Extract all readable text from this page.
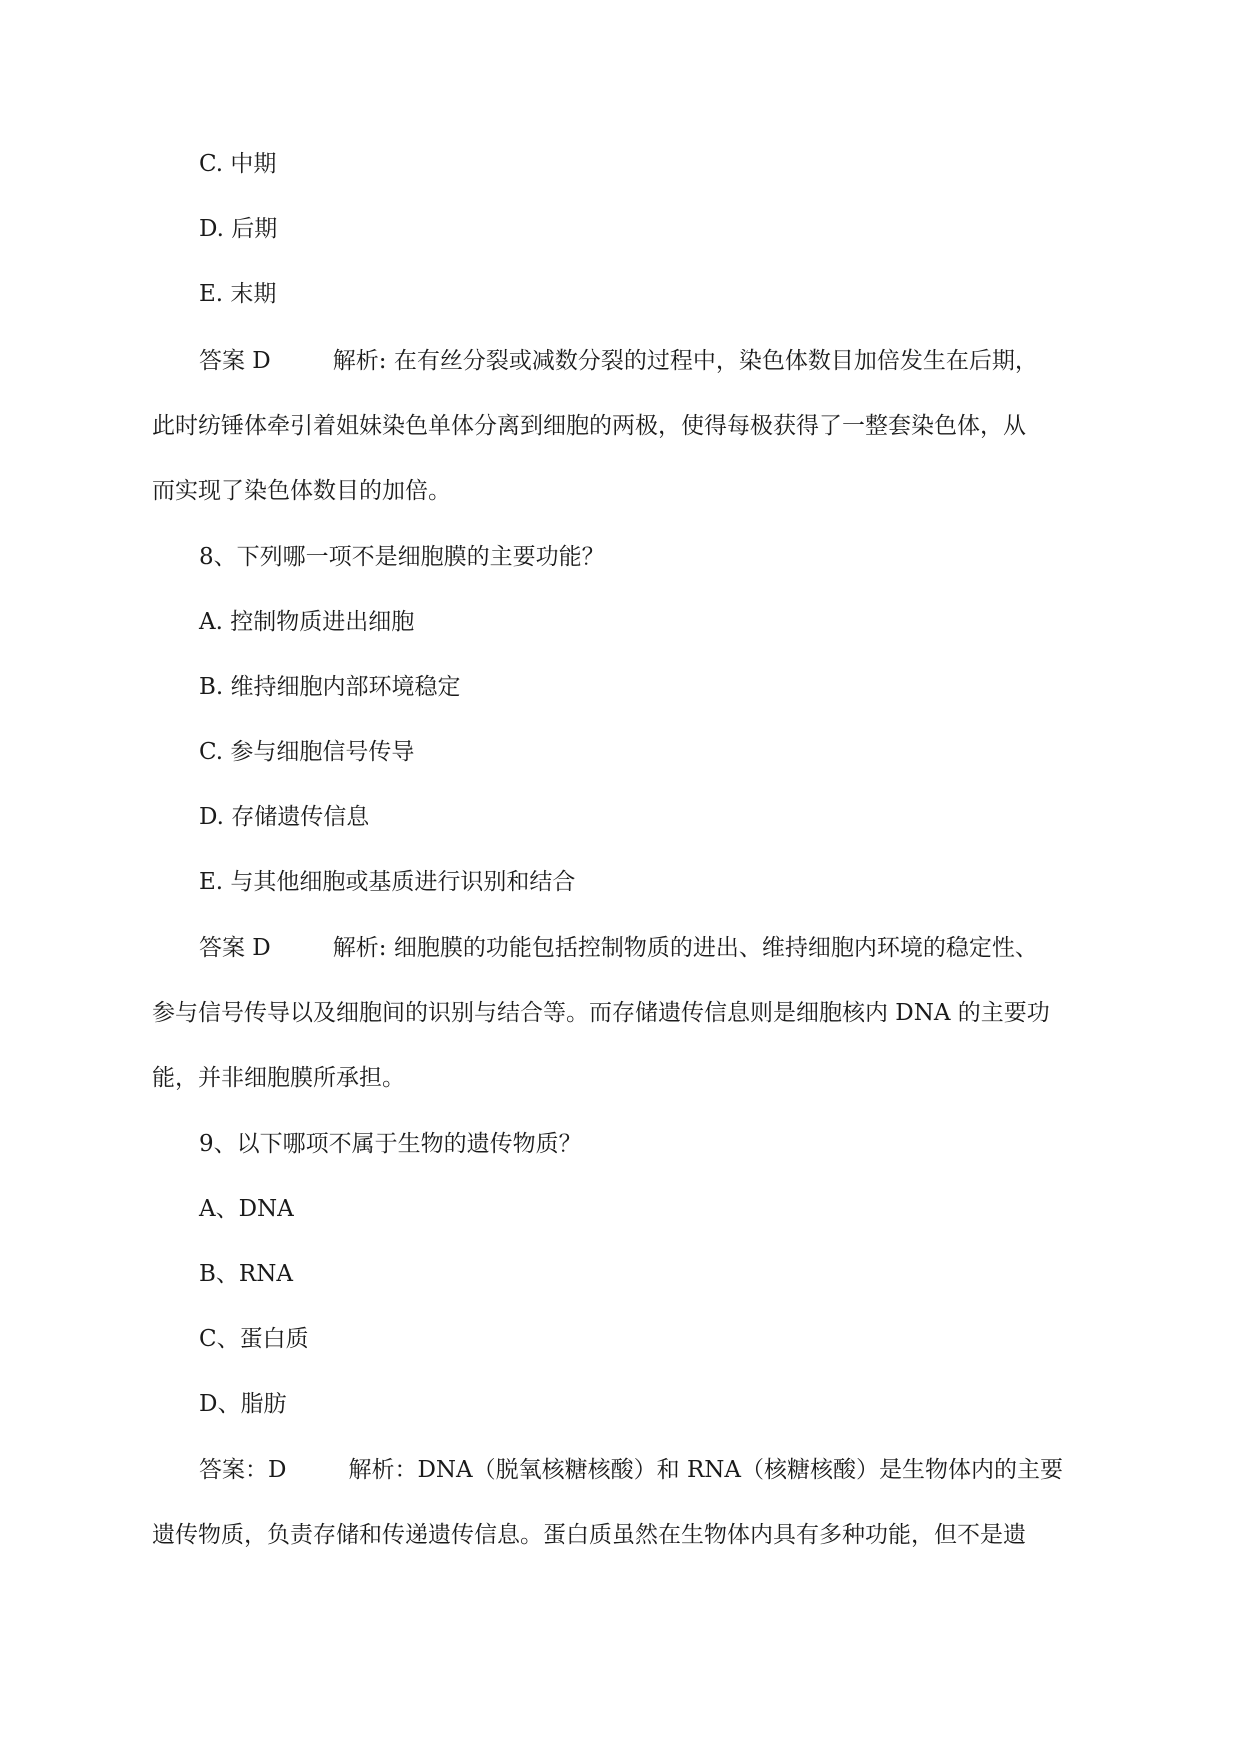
C. 中期
D. 后期
E. 末期
答案 D	解析: 在有丝分裂或减数分裂的过程中，染色体数目加倍发生在后期，
此时纺锤体牵引着姐妹染色单体分离到细胞的两极，使得每极获得了一整套染色体，从
而实现了染色体数目的加倍。
8、下列哪一项不是细胞膜的主要功能？
A. 控制物质进出细胞
B. 维持细胞内部环境稳定
C. 参与细胞信号传导
D. 存储遗传信息
E. 与其他细胞或基质进行识别和结合
答案 D	解析: 细胞膜的功能包括控制物质的进出、维持细胞内环境的稳定性、
参与信号传导以及细胞间的识别与结合等。而存储遗传信息则是细胞核内 DNA 的主要功
能，并非细胞膜所承担。
9、以下哪项不属于生物的遗传物质？
A、DNA
B、RNA
C、蛋白质
D、脂肪
答案：D	解析：DNA（脱氧核糖核酸）和 RNA（核糖核酸）是生物体内的主要
遗传物质，负责存储和传递遗传信息。蛋白质虽然在生物体内具有多种功能，但不是遗
